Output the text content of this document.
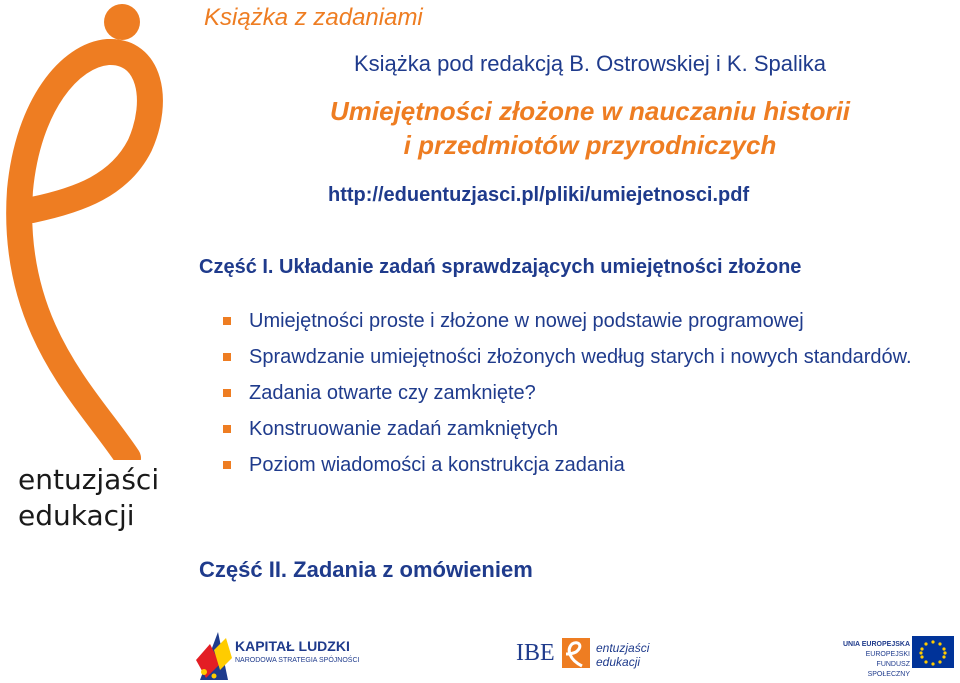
entuzjaści
edukacji
Książka z zadaniami
Książka pod redakcją B. Ostrowskiej i K. Spalika
Umiejętności złożone w nauczaniu historii
i przedmiotów przyrodniczych
http://eduentuzjasci.pl/pliki/umiejetnosci.pdf
Część I. Układanie zadań sprawdzających umiejętności złożone
Umiejętności proste i złożone w nowej podstawie programowej
Sprawdzanie umiejętności złożonych według starych i nowych standardów.
Zadania otwarte czy zamknięte?
Konstruowanie zadań zamkniętych
Poziom wiadomości a konstrukcja zadania
Część II. Zadania z omówieniem
KAPITAŁ LUDZKI
NARODOWA STRATEGIA SPÓJNOŚCI	IBE	entuzjaści
edukacji
UNIA EUROPEJSKA
EUROPEJSKI
FUNDUSZ SPOŁECZNY
